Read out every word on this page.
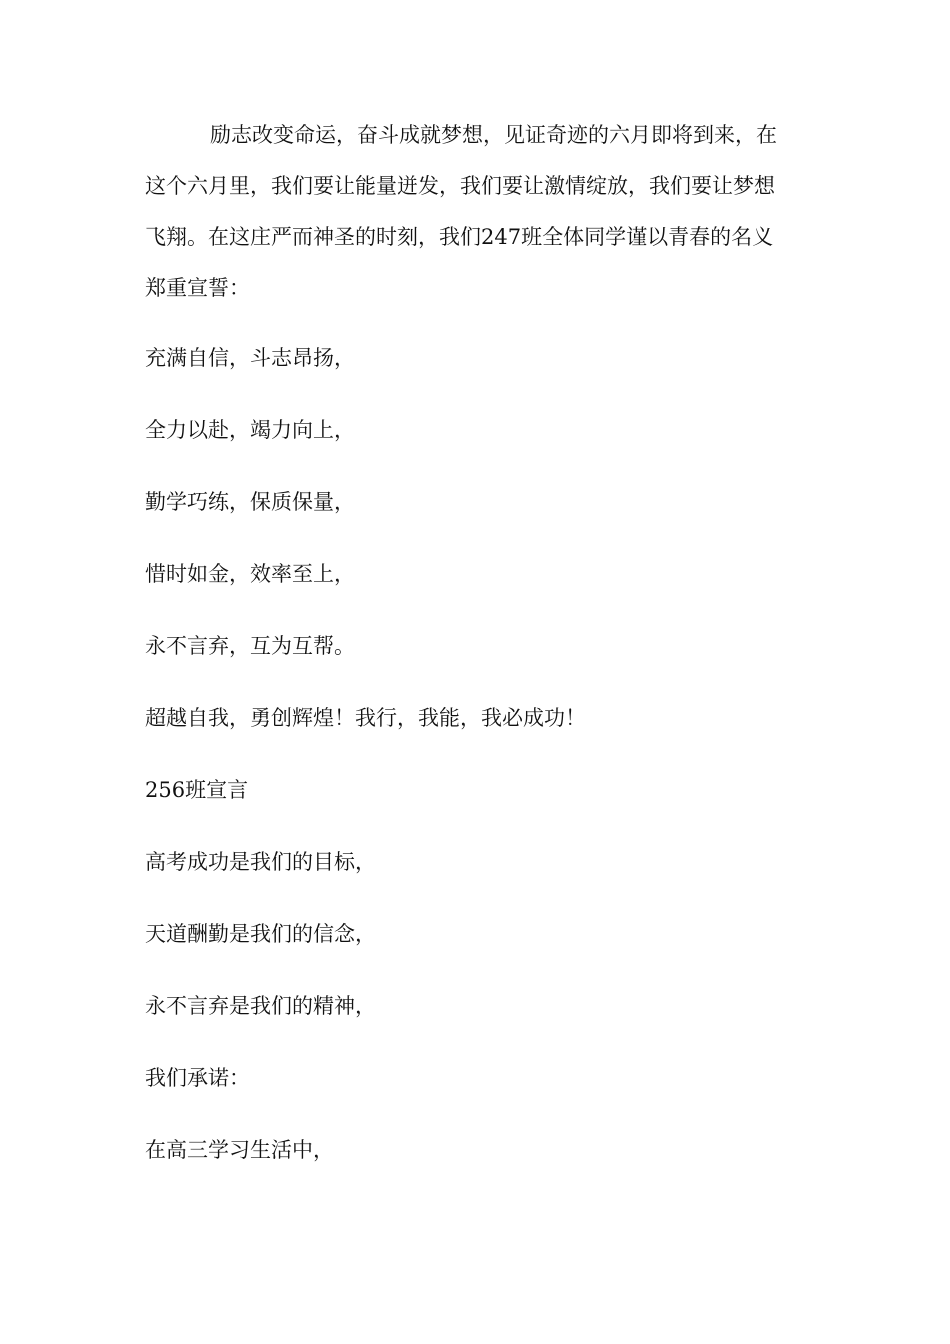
励志改变命运，奋斗成就梦想，见证奇迹的六月即将到来，在
这个六月里，我们要让能量迸发，我们要让激情绽放，我们要让梦想
飞翔。在这庄严而神圣的时刻，我们247班全体同学谨以青春的名义
郑重宣誓：
充满自信，斗志昂扬，
全力以赴，竭力向上，
勤学巧练，保质保量，
惜时如金，效率至上，
永不言弃，互为互帮。
超越自我，勇创辉煌！我行，我能，我必成功！
256班宣言
高考成功是我们的目标，
天道酬勤是我们的信念，
永不言弃是我们的精神，
我们承诺：
在高三学习生活中，
